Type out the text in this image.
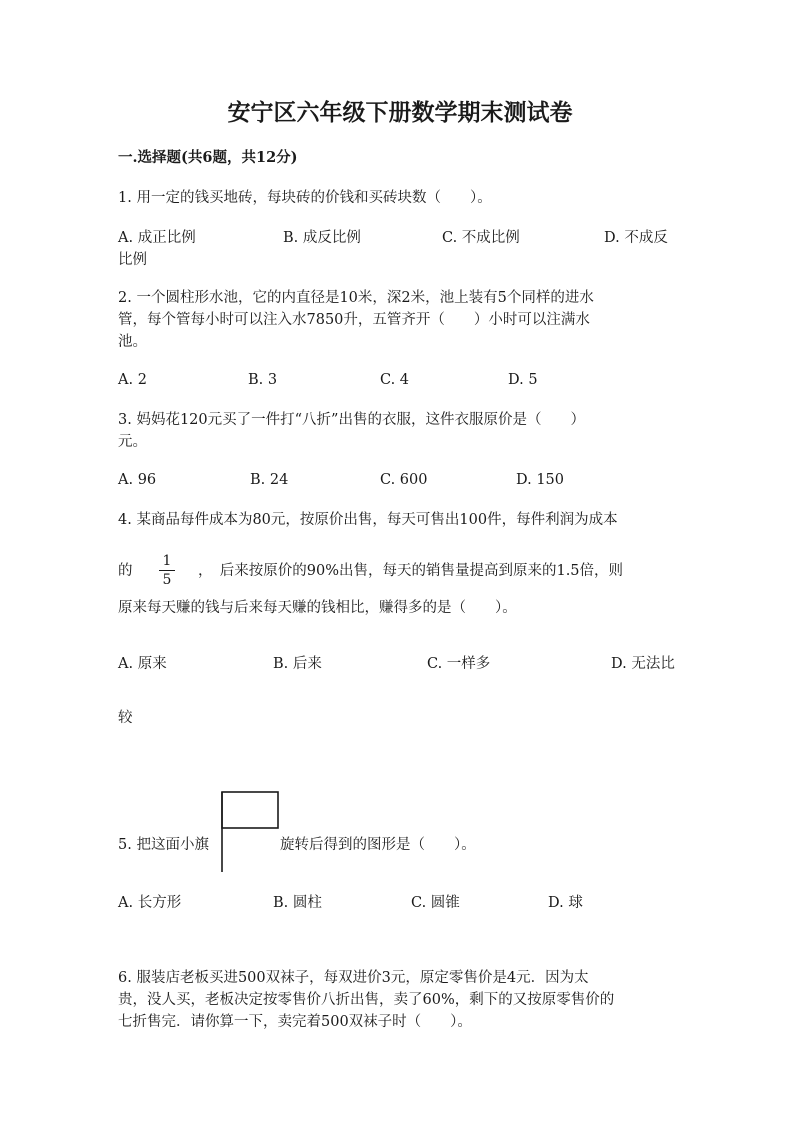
安宁区六年级下册数学期末测试卷
一.选择题(共6题，共12分)
1. 用一定的钱买地砖，每块砖的价钱和买砖块数（　　）。
A. 成正比例	B. 成反比例	C. 不成比例	D. 不成反
比例
2. 一个圆柱形水池，它的内直径是10米，深2米，池上装有5个同样的进水
管，每个管每小时可以注入水7850升，五管齐开（　　）小时可以注满水
池。
A. 2	B. 3	C. 4	D. 5
3. 妈妈花120元买了一件打“八折”出售的衣服，这件衣服原价是（　　）
元。
A. 96	B. 24	C. 600	D. 150
4. 某商品每件成本为80元，按原价出售，每天可售出100件，每件利润为成本
的
1
5
，　后来按原价的90%出售，每天的销售量提高到原来的1.5倍，则
原来每天赚的钱与后来每天赚的钱相比，赚得多的是（　　）。
A. 原来	B. 后来	C. 一样多	D. 无法比
较
5. 把这面小旗	旋转后得到的图形是（　　）。
A. 长方形	B. 圆柱	C. 圆锥	D. 球
6. 服装店老板买进500双袜子，每双进价3元，原定零售价是4元．因为太
贵，没人买，老板决定按零售价八折出售，卖了60%，剩下的又按原零售价的
七折售完．请你算一下，卖完着500双袜子时（　　）。
